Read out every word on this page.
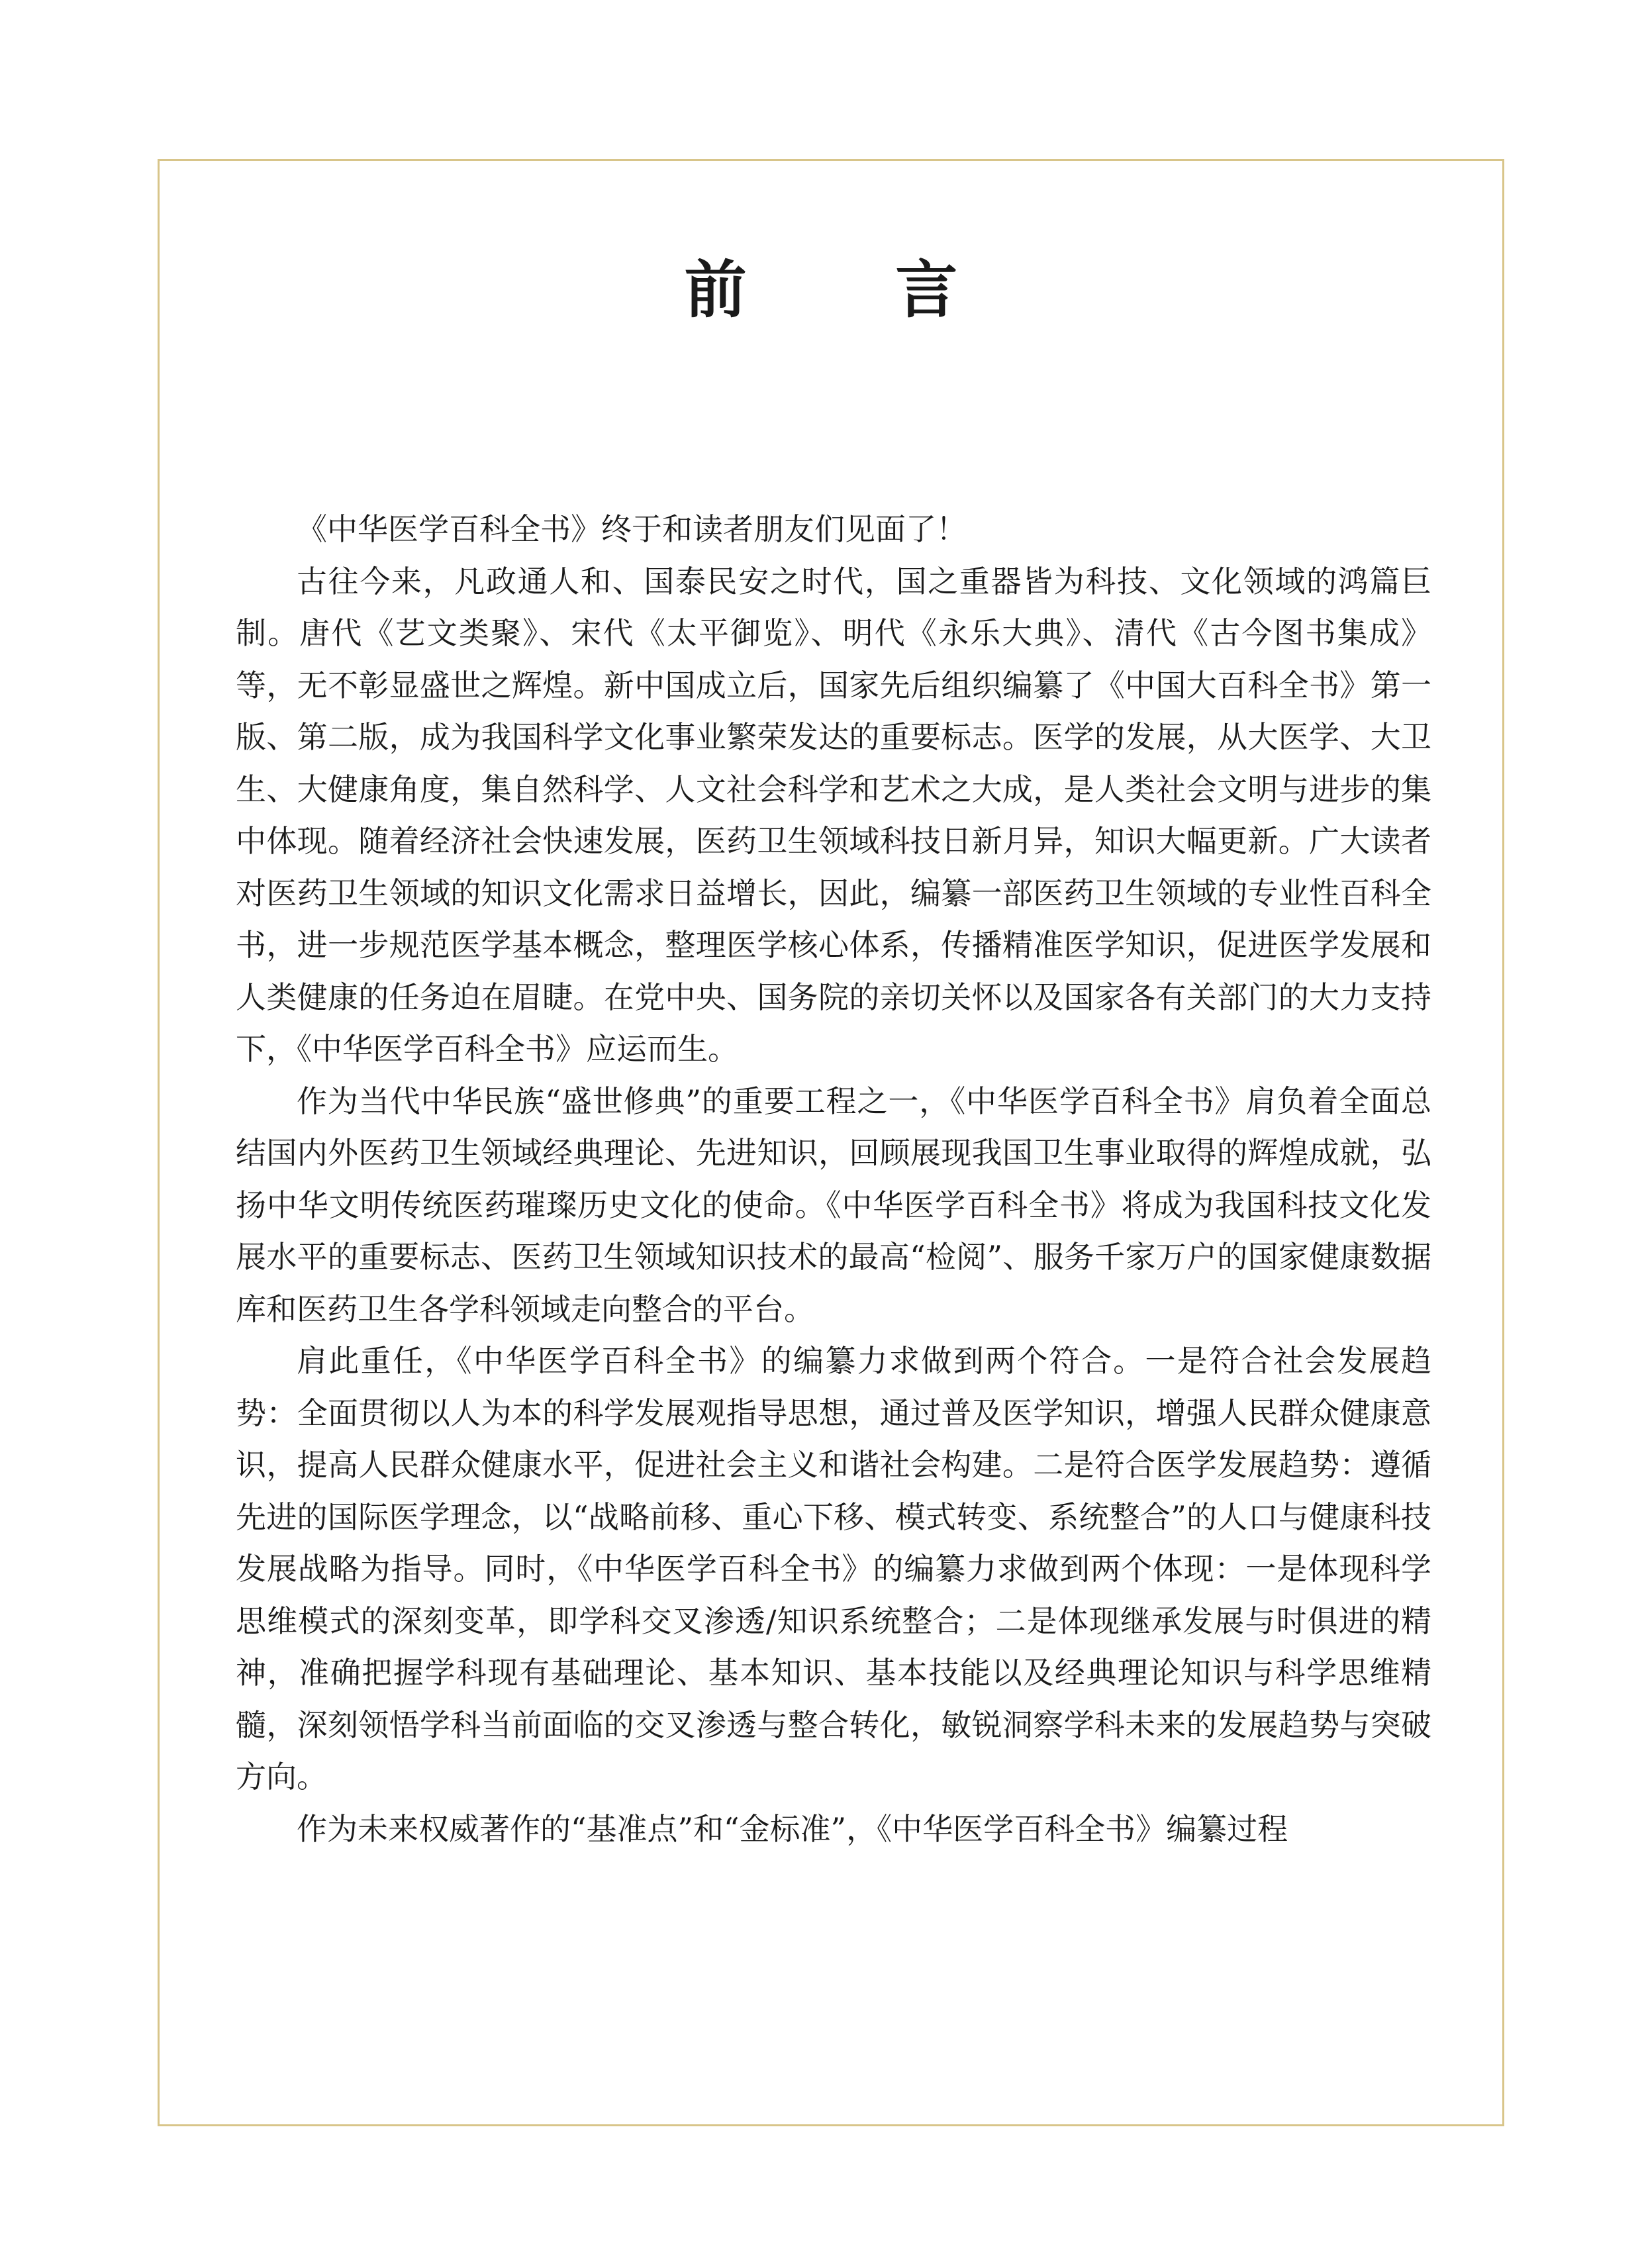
前 言

《中华医学百科全书》终于和读者朋友们见面了！

古往今来，凡政通人和、国泰民安之时代，国之重器皆为科技、文化领域的鸿篇巨制。唐代《艺文类聚》、宋代《太平御览》、明代《永乐大典》、清代《古今图书集成》等，无不彰显盛世之辉煌。新中国成立后，国家先后组织编纂了《中国大百科全书》第一版、第二版，成为我国科学文化事业繁荣发达的重要标志。医学的发展，从大医学、大卫生、大健康角度，集自然科学、人文社会科学和艺术之大成，是人类社会文明与进步的集中体现。随着经济社会快速发展，医药卫生领域科技日新月异，知识大幅更新。广大读者对医药卫生领域的知识文化需求日益增长，因此，编纂一部医药卫生领域的专业性百科全书，进一步规范医学基本概念，整理医学核心体系，传播精准医学知识，促进医学发展和人类健康的任务迫在眉睫。在党中央、国务院的亲切关怀以及国家各有关部门的大力支持下，《中华医学百科全书》应运而生。

作为当代中华民族“盛世修典”的重要工程之一，《中华医学百科全书》肩负着全面总结国内外医药卫生领域经典理论、先进知识，回顾展现我国卫生事业取得的辉煌成就，弘扬中华文明传统医药璀璨历史文化的使命。《中华医学百科全书》将成为我国科技文化发展水平的重要标志、医药卫生领域知识技术的最高“检阅”、服务千家万户的国家健康数据库和医药卫生各学科领域走向整合的平台。

肩此重任，《中华医学百科全书》的编纂力求做到两个符合。一是符合社会发展趋势：全面贯彻以人为本的科学发展观指导思想，通过普及医学知识，增强人民群众健康意识，提高人民群众健康水平，促进社会主义和谐社会构建。二是符合医学发展趋势：遵循先进的国际医学理念，以“战略前移、重心下移、模式转变、系统整合”的人口与健康科技发展战略为指导。同时，《中华医学百科全书》的编纂力求做到两个体现：一是体现科学思维模式的深刻变革，即学科交叉渗透/知识系统整合；二是体现继承发展与时俱进的精神，准确把握学科现有基础理论、基本知识、基本技能以及经典理论知识与科学思维精髓，深刻领悟学科当前面临的交叉渗透与整合转化，敏锐洞察学科未来的发展趋势与突破方向。

作为未来权威著作的“基准点”和“金标准”，《中华医学百科全书》编纂过程
